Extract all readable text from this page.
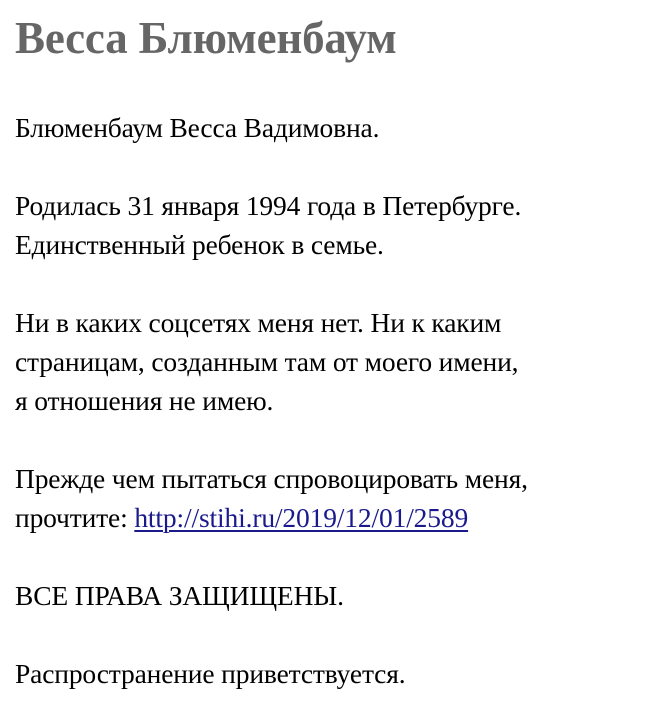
Весса Блюменбаум

Блюменбаум Весса Вадимовна.

Родилась 31 января 1994 года в Петербурге.
Единственный ребенок в семье.

Ни в каких соцсетях меня нет. Ни к каким
страницам, созданным там от моего имени,
я отношения не имею.

Прежде чем пытаться спровоцировать меня,
прочтите: http://stihi.ru/2019/12/01/2589

ВСЕ ПРАВА ЗАЩИЩЕНЫ.

Распространение приветствуется.
